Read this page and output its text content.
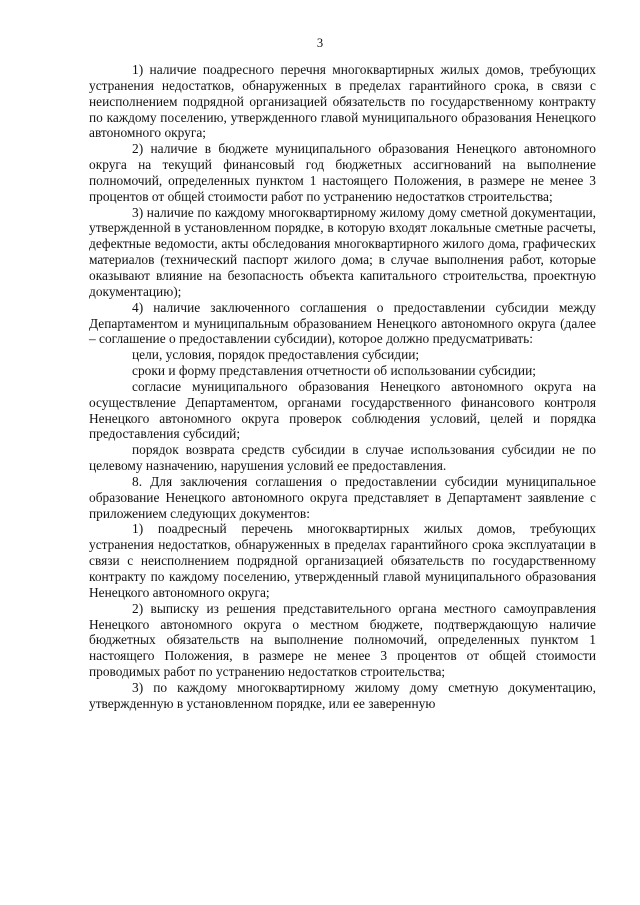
3

1) наличие поадресного перечня многоквартирных жилых домов, требующих устранения недостатков, обнаруженных в пределах гарантийного срока, в связи с неисполнением подрядной организацией обязательств по государственному контракту по каждому поселению, утвержденного главой муниципального образования Ненецкого автономного округа;

2) наличие в бюджете муниципального образования Ненецкого автономного округа на текущий финансовый год бюджетных ассигнований на выполнение полномочий, определенных пунктом 1 настоящего Положения, в размере не менее 3 процентов от общей стоимости работ по устранению недостатков строительства;

3) наличие по каждому многоквартирному жилому дому сметной документации, утвержденной в установленном порядке, в которую входят локальные сметные расчеты, дефектные ведомости, акты обследования многоквартирного жилого дома, графических материалов (технический паспорт жилого дома; в случае выполнения работ, которые оказывают влияние на безопасность объекта капитального строительства, проектную документацию);

4) наличие заключенного соглашения о предоставлении субсидии между Департаментом и муниципальным образованием Ненецкого автономного округа (далее – соглашение о предоставлении субсидии), которое должно предусматривать:

цели, условия, порядок предоставления субсидии;

сроки и форму представления отчетности об использовании субсидии;

согласие муниципального образования Ненецкого автономного округа на осуществление Департаментом, органами государственного финансового контроля Ненецкого автономного округа проверок соблюдения условий, целей и порядка предоставления субсидий;

порядок возврата средств субсидии в случае использования субсидии не по целевому назначению, нарушения условий ее предоставления.

8. Для заключения соглашения о предоставлении субсидии муниципальное образование Ненецкого автономного округа представляет в Департамент заявление с приложением следующих документов:

1) поадресный перечень многоквартирных жилых домов, требующих устранения недостатков, обнаруженных в пределах гарантийного срока эксплуатации в связи с неисполнением подрядной организацией обязательств по государственному контракту по каждому поселению, утвержденный главой муниципального образования Ненецкого автономного округа;

2) выписку из решения представительного органа местного самоуправления Ненецкого автономного округа о местном бюджете, подтверждающую наличие бюджетных обязательств на выполнение полномочий, определенных пунктом 1 настоящего Положения, в размере не менее 3 процентов от общей стоимости проводимых работ по устранению недостатков строительства;

3) по каждому многоквартирному жилому дому сметную документацию, утвержденную в установленном порядке, или ее заверенную
